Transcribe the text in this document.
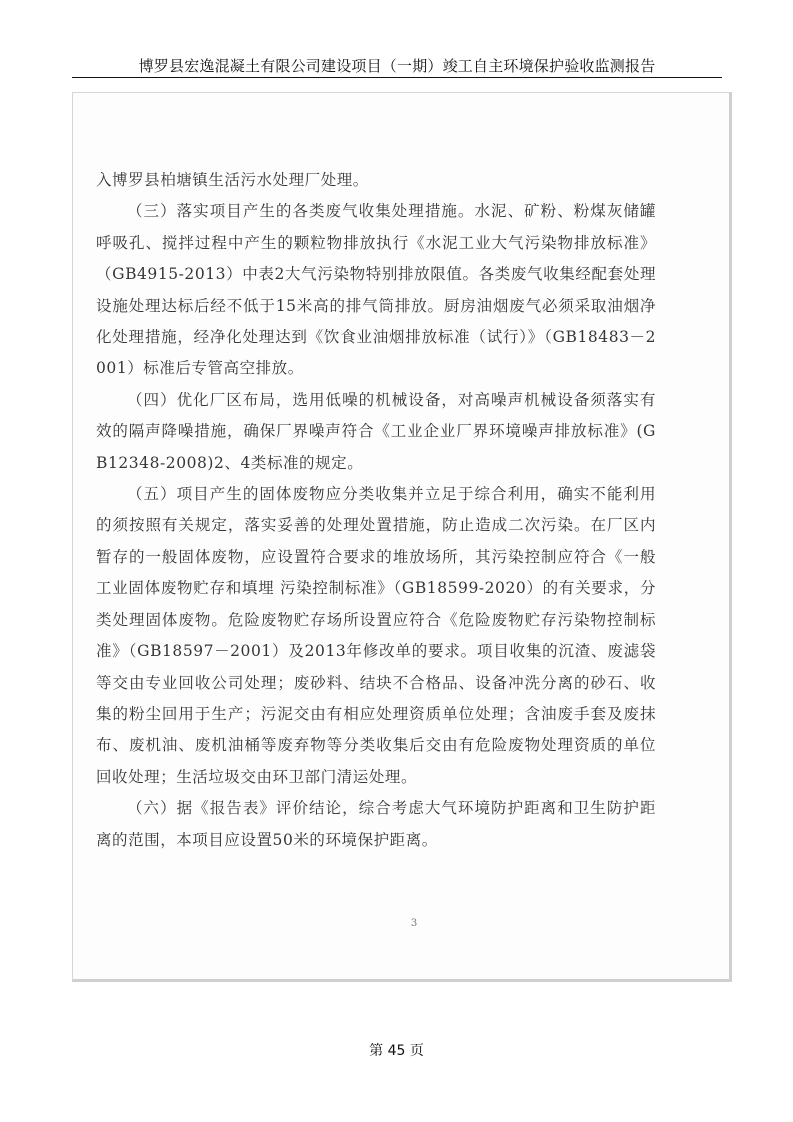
博罗县宏逸混凝土有限公司建设项目（一期）竣工自主环境保护验收监测报告

入博罗县柏塘镇生活污水处理厂处理。

（三）落实项目产生的各类废气收集处理措施。水泥、矿粉、粉煤灰储罐呼吸孔、搅拌过程中产生的颗粒物排放执行《水泥工业大气污染物排放标准》（GB4915-2013）中表2大气污染物特别排放限值。各类废气收集经配套处理设施处理达标后经不低于15米高的排气筒排放。厨房油烟废气必须采取油烟净化处理措施，经净化处理达到《饮食业油烟排放标准（试行）》（GB18483－2001）标准后专管高空排放。

（四）优化厂区布局，选用低噪的机械设备，对高噪声机械设备须落实有效的隔声降噪措施，确保厂界噪声符合《工业企业厂界环境噪声排放标准》(GB12348-2008)2、4类标准的规定。

（五）项目产生的固体废物应分类收集并立足于综合利用，确实不能利用的须按照有关规定，落实妥善的处理处置措施，防止造成二次污染。在厂区内暂存的一般固体废物，应设置符合要求的堆放场所，其污染控制应符合《一般工业固体废物贮存和填埋 污染控制标准》（GB18599-2020）的有关要求，分类处理固体废物。危险废物贮存场所设置应符合《危险废物贮存污染物控制标准》（GB18597－2001）及2013年修改单的要求。项目收集的沉渣、废滤袋等交由专业回收公司处理；废砂料、结块不合格品、设备冲洗分离的砂石、收集的粉尘回用于生产；污泥交由有相应处理资质单位处理；含油废手套及废抹布、废机油、废机油桶等废弃物等分类收集后交由有危险废物处理资质的单位回收处理；生活垃圾交由环卫部门清运处理。

（六）据《报告表》评价结论，综合考虑大气环境防护距离和卫生防护距离的范围，本项目应设置50米的环境保护距离。

3
第 45 页
